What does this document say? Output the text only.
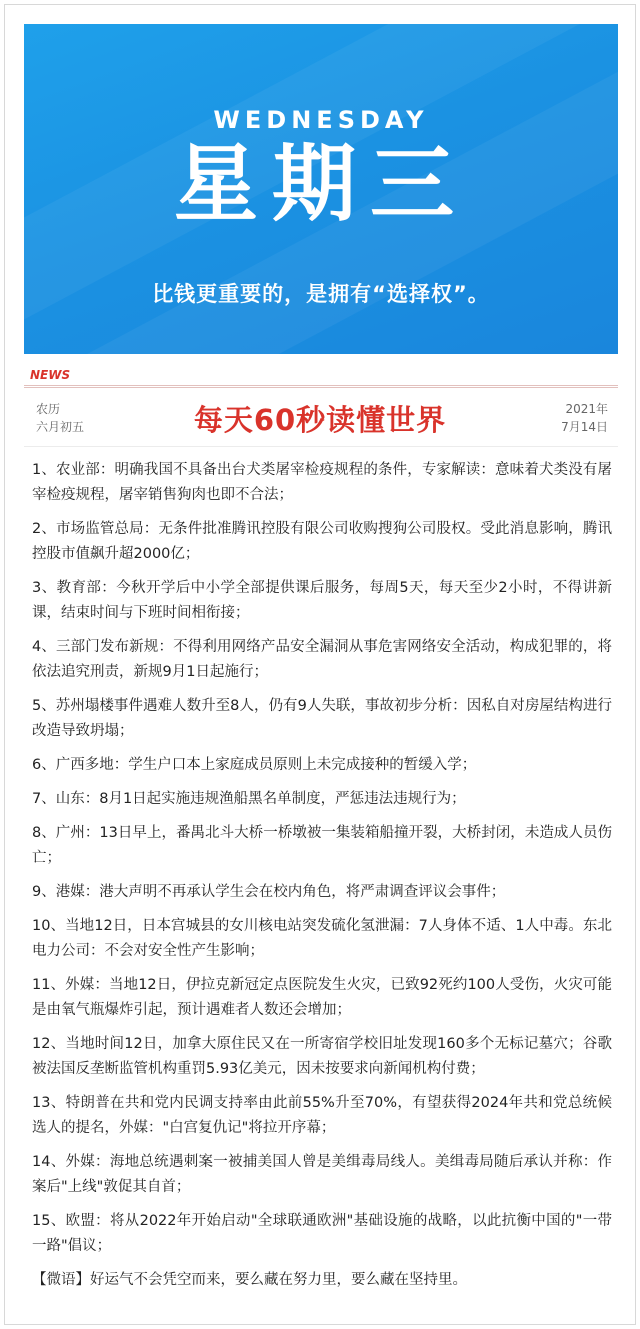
WEDNESDAY
星期三
比钱更重要的，是拥有“选择权”。
NEWS
农历
六月初五	每天60秒读懂世界	2021年
7月14日

1、农业部：明确我国不具备出台犬类屠宰检疫规程的条件，专家解读：意味着犬类没有屠宰检疫规程，屠宰销售狗肉也即不合法；

2、市场监管总局：无条件批准腾讯控股有限公司收购搜狗公司股权。受此消息影响，腾讯控股市值飙升超2000亿；

3、教育部：今秋开学后中小学全部提供课后服务，每周5天，每天至少2小时，不得讲新课，结束时间与下班时间相衔接；

4、三部门发布新规：不得利用网络产品安全漏洞从事危害网络安全活动，构成犯罪的，将依法追究刑责，新规9月1日起施行；

5、苏州塌楼事件遇难人数升至8人，仍有9人失联，事故初步分析：因私自对房屋结构进行改造导致坍塌；

6、广西多地：学生户口本上家庭成员原则上未完成接种的暂缓入学；

7、山东：8月1日起实施违规渔船黑名单制度，严惩违法违规行为；

8、广州：13日早上，番禺北斗大桥一桥墩被一集装箱船撞开裂，大桥封闭，未造成人员伤亡；

9、港媒：港大声明不再承认学生会在校内角色，将严肃调查评议会事件；

10、当地12日，日本宫城县的女川核电站突发硫化氢泄漏：7人身体不适、1人中毒。东北电力公司：不会对安全性产生影响；

11、外媒：当地12日，伊拉克新冠定点医院发生火灾，已致92死约100人受伤，火灾可能是由氧气瓶爆炸引起，预计遇难者人数还会增加；

12、当地时间12日，加拿大原住民又在一所寄宿学校旧址发现160多个无标记墓穴；谷歌被法国反垄断监管机构重罚5.93亿美元，因未按要求向新闻机构付费；

13、特朗普在共和党内民调支持率由此前55%升至70%，有望获得2024年共和党总统候选人的提名，外媒："白宫复仇记"将拉开序幕；

14、外媒：海地总统遇刺案一被捕美国人曾是美缉毒局线人。美缉毒局随后承认并称：作案后"上线"敦促其自首；

15、欧盟：将从2022年开始启动"全球联通欧洲"基础设施的战略，以此抗衡中国的"一带一路"倡议；

【微语】好运气不会凭空而来，要么藏在努力里，要么藏在坚持里。
